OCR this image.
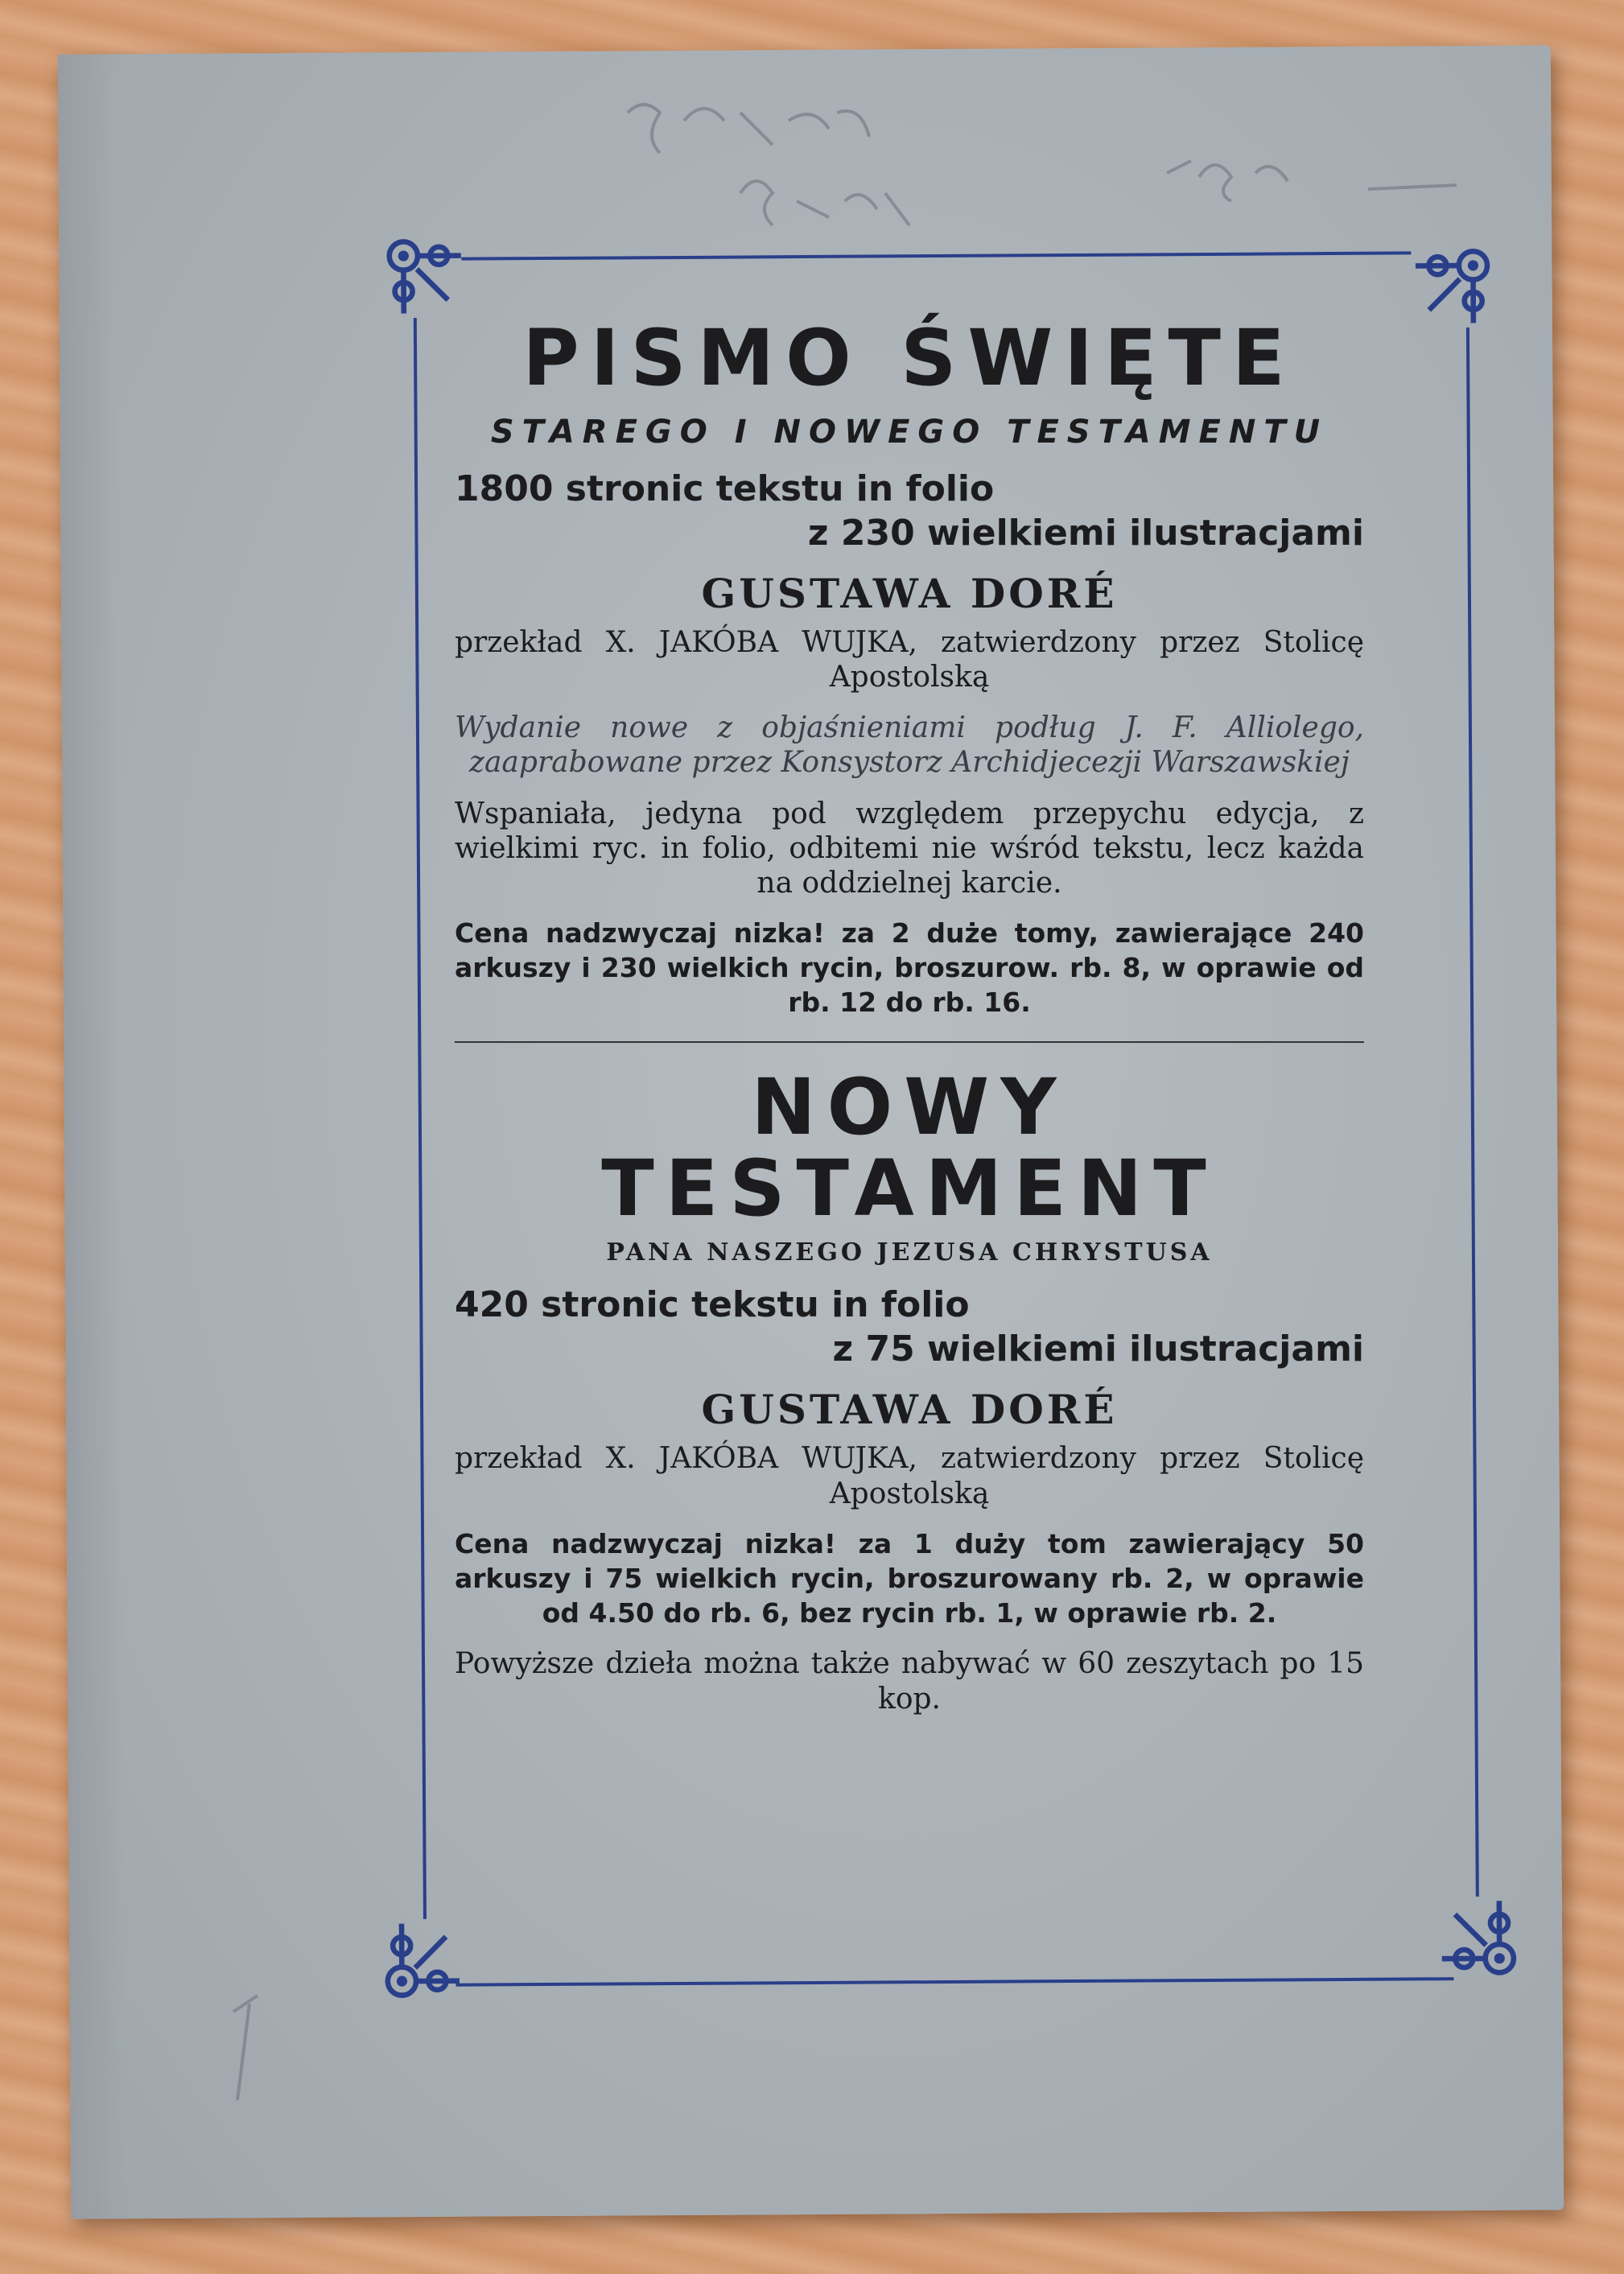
PISMO ŚWIĘTE
STAREGO I NOWEGO TESTAMENTU
1800 stronic tekstu in folio
z 230 wielkiemi ilustracjami
GUSTAWA DORÉ
przekład X. JAKÓBA WUJKA, zatwierdzony przez Stolicę Apostolską
Wydanie nowe z objaśnieniami podług J. F. Alliolego, zaaprabowane przez Konsystorz Archidjecezji Warszawskiej
Wspaniała, jedyna pod względem przepychu edycja, z wielkimi ryc. in folio, odbitemi nie wśród tekstu, lecz każda na oddzielnej karcie.
Cena nadzwyczaj nizka! za 2 duże tomy, zawierające 240 arkuszy i 230 wielkich rycin, broszurow. rb. 8, w oprawie od rb. 12 do rb. 16.
NOWY TESTAMENT
PANA NASZEGO JEZUSA CHRYSTUSA
420 stronic tekstu in folio
z 75 wielkiemi ilustracjami
GUSTAWA DORÉ
przekład X. JAKÓBA WUJKA, zatwierdzony przez Stolicę Apostolską
Cena nadzwyczaj nizka! za 1 duży tom zawierający 50 arkuszy i 75 wielkich rycin, broszurowany rb. 2, w oprawie od 4.50 do rb. 6, bez rycin rb. 1, w oprawie rb. 2.
Powyższe dzieła można także nabywać w 60 zeszytach po 15 kop.
